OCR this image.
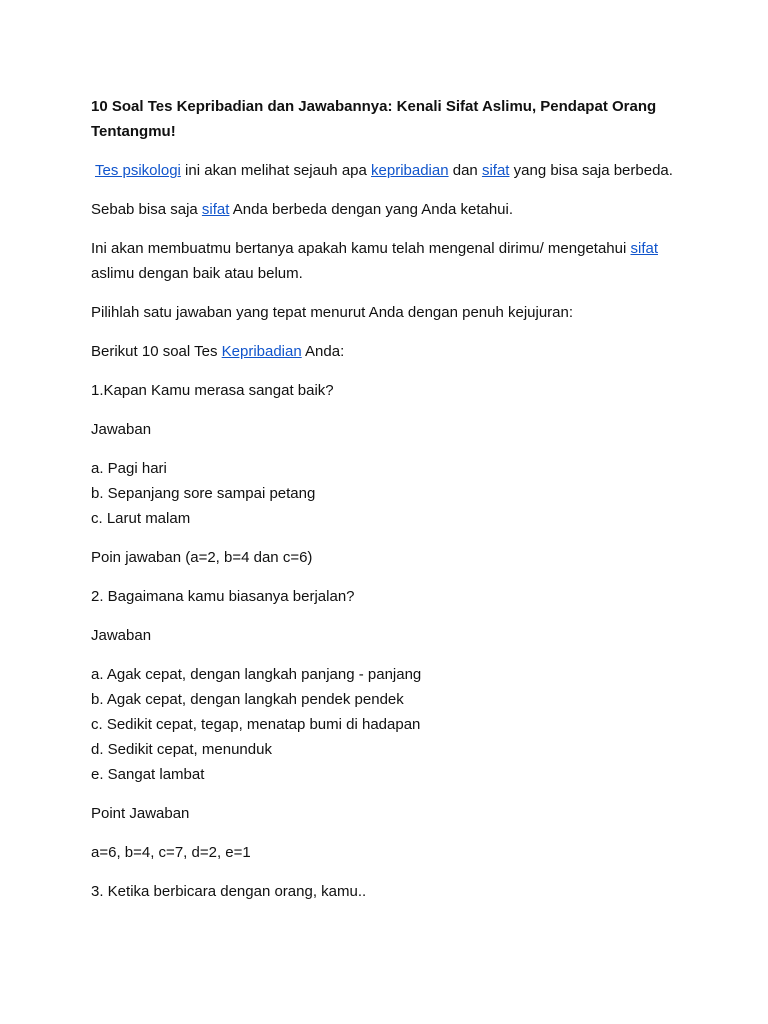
10 Soal Tes Kepribadian dan Jawabannya: Kenali Sifat Aslimu, Pendapat Orang Tentangmu!

Tes psikologi ini akan melihat sejauh apa kepribadian dan sifat yang bisa saja berbeda.

Sebab bisa saja sifat Anda berbeda dengan yang Anda ketahui.

Ini akan membuatmu bertanya apakah kamu telah mengenal dirimu/ mengetahui sifat aslimu dengan baik atau belum.

Pilihlah satu jawaban yang tepat menurut Anda dengan penuh kejujuran:

Berikut 10 soal Tes Kepribadian Anda:

1.Kapan Kamu merasa sangat baik?

Jawaban

a. Pagi hari
b. Sepanjang sore sampai petang
c. Larut malam

Poin jawaban (a=2, b=4 dan c=6)

2. Bagaimana kamu biasanya berjalan?

Jawaban

a. Agak cepat, dengan langkah panjang - panjang
b. Agak cepat, dengan langkah pendek pendek
c. Sedikit cepat, tegap, menatap bumi di hadapan
d. Sedikit cepat, menunduk
e. Sangat lambat

Point Jawaban

a=6, b=4, c=7, d=2, e=1

3. Ketika berbicara dengan orang, kamu..
